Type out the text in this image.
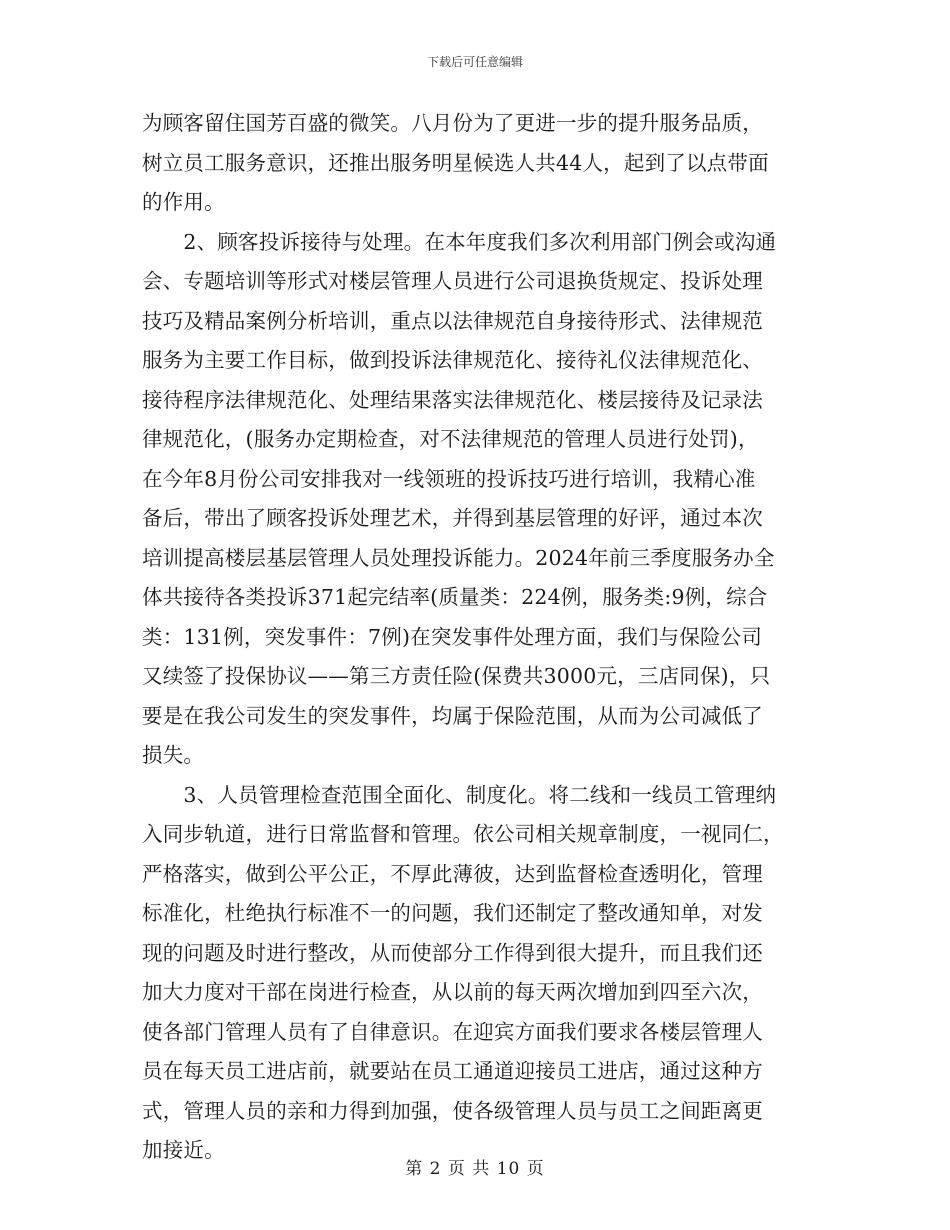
下载后可任意编辑
为顾客留住国芳百盛的微笑。八月份为了更进一步的提升服务品质，
树立员工服务意识，还推出服务明星候选人共44人，起到了以点带面
的作用。
　　2、顾客投诉接待与处理。在本年度我们多次利用部门例会或沟通
会、专题培训等形式对楼层管理人员进行公司退换货规定、投诉处理
技巧及精品案例分析培训，重点以法律规范自身接待形式、法律规范
服务为主要工作目标，做到投诉法律规范化、接待礼仪法律规范化、
接待程序法律规范化、处理结果落实法律规范化、楼层接待及记录法
律规范化，(服务办定期检查，对不法律规范的管理人员进行处罚)，
在今年8月份公司安排我对一线领班的投诉技巧进行培训，我精心准
备后，带出了顾客投诉处理艺术，并得到基层管理的好评，通过本次
培训提高楼层基层管理人员处理投诉能力。2024年前三季度服务办全
体共接待各类投诉371起完结率(质量类：224例，服务类:9例，综合
类：131例，突发事件：7例)在突发事件处理方面，我们与保险公司
又续签了投保协议——第三方责任险(保费共3000元，三店同保)，只
要是在我公司发生的突发事件，均属于保险范围，从而为公司减低了
损失。
　　3、人员管理检查范围全面化、制度化。将二线和一线员工管理纳
入同步轨道，进行日常监督和管理。依公司相关规章制度，一视同仁，
严格落实，做到公平公正，不厚此薄彼，达到监督检查透明化，管理
标准化，杜绝执行标准不一的问题，我们还制定了整改通知单，对发
现的问题及时进行整改，从而使部分工作得到很大提升，而且我们还
加大力度对干部在岗进行检查，从以前的每天两次增加到四至六次，
使各部门管理人员有了自律意识。在迎宾方面我们要求各楼层管理人
员在每天员工进店前，就要站在员工通道迎接员工进店，通过这种方
式，管理人员的亲和力得到加强，使各级管理人员与员工之间距离更
加接近。
第 2 页 共 10 页
